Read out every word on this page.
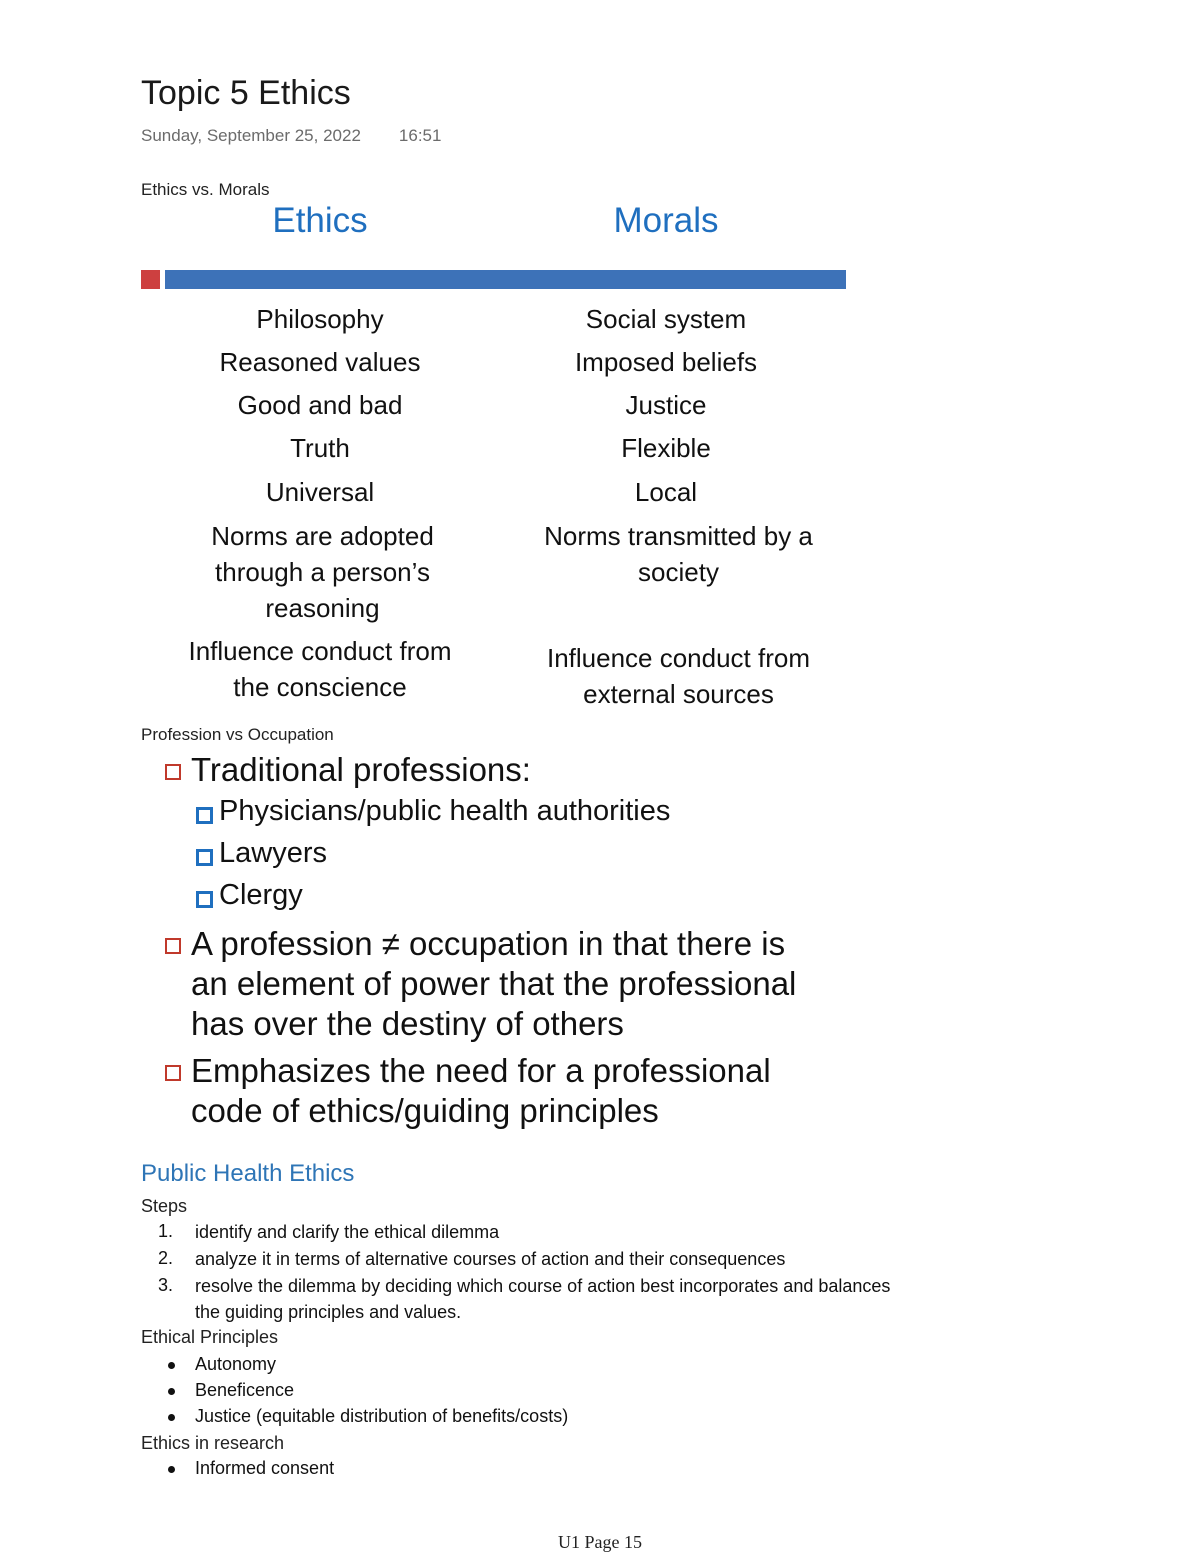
Topic 5 Ethics
Sunday, September 25, 2022 16:51
Ethics vs. Morals
Ethics	Morals
Philosophy
Reasoned values
Good and bad
Truth
Universal
Norms are adopted through a person’s reasoning
Influence conduct from the conscience
Social system
Imposed beliefs
Justice
Flexible
Local
Norms transmitted by a society
Influence conduct from external sources
Profession vs Occupation
Traditional professions:
Physicians/public health authorities
Lawyers
Clergy
A profession ≠ occupation in that there is
an element of power that the professional
has over the destiny of others
Emphasizes the need for a professional
code of ethics/guiding principles
Public Health Ethics
Steps
1. identify and clarify the ethical dilemma
2. analyze it in terms of alternative courses of action and their consequences
3. resolve the dilemma by deciding which course of action best incorporates and balances the guiding principles and values.
Ethical Principles
Autonomy
Beneficence
Justice (equitable distribution of benefits/costs)
Ethics in research
Informed consent
U1 Page 15
